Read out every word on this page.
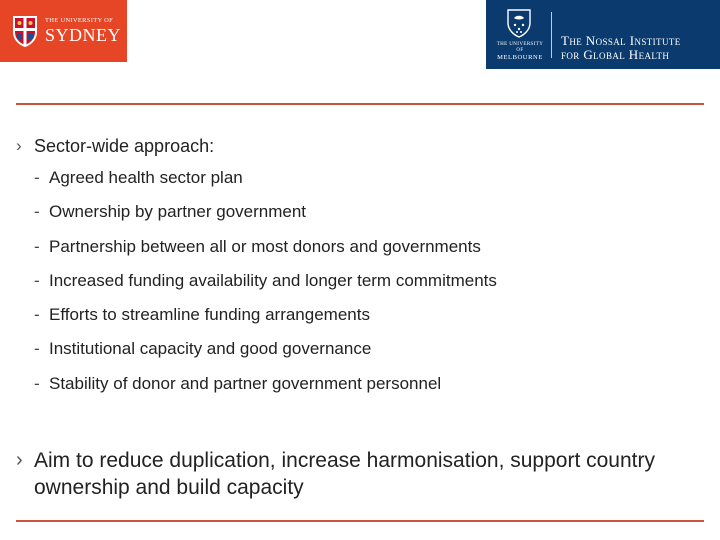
THE UNIVERSITY OF
SYDNEY	THE UNIVERSITY OF
MELBOURNE
The Nossal Institute
for Global Health
› Sector-wide approach:
- Agreed health sector plan
- Ownership by partner government
- Partnership between all or most donors and governments
- Increased funding availability and longer term commitments
- Efforts to streamline funding arrangements
- Institutional capacity and good governance
- Stability of donor and partner government personnel
› Aim to reduce duplication, increase harmonisation, support country ownership and build capacity
